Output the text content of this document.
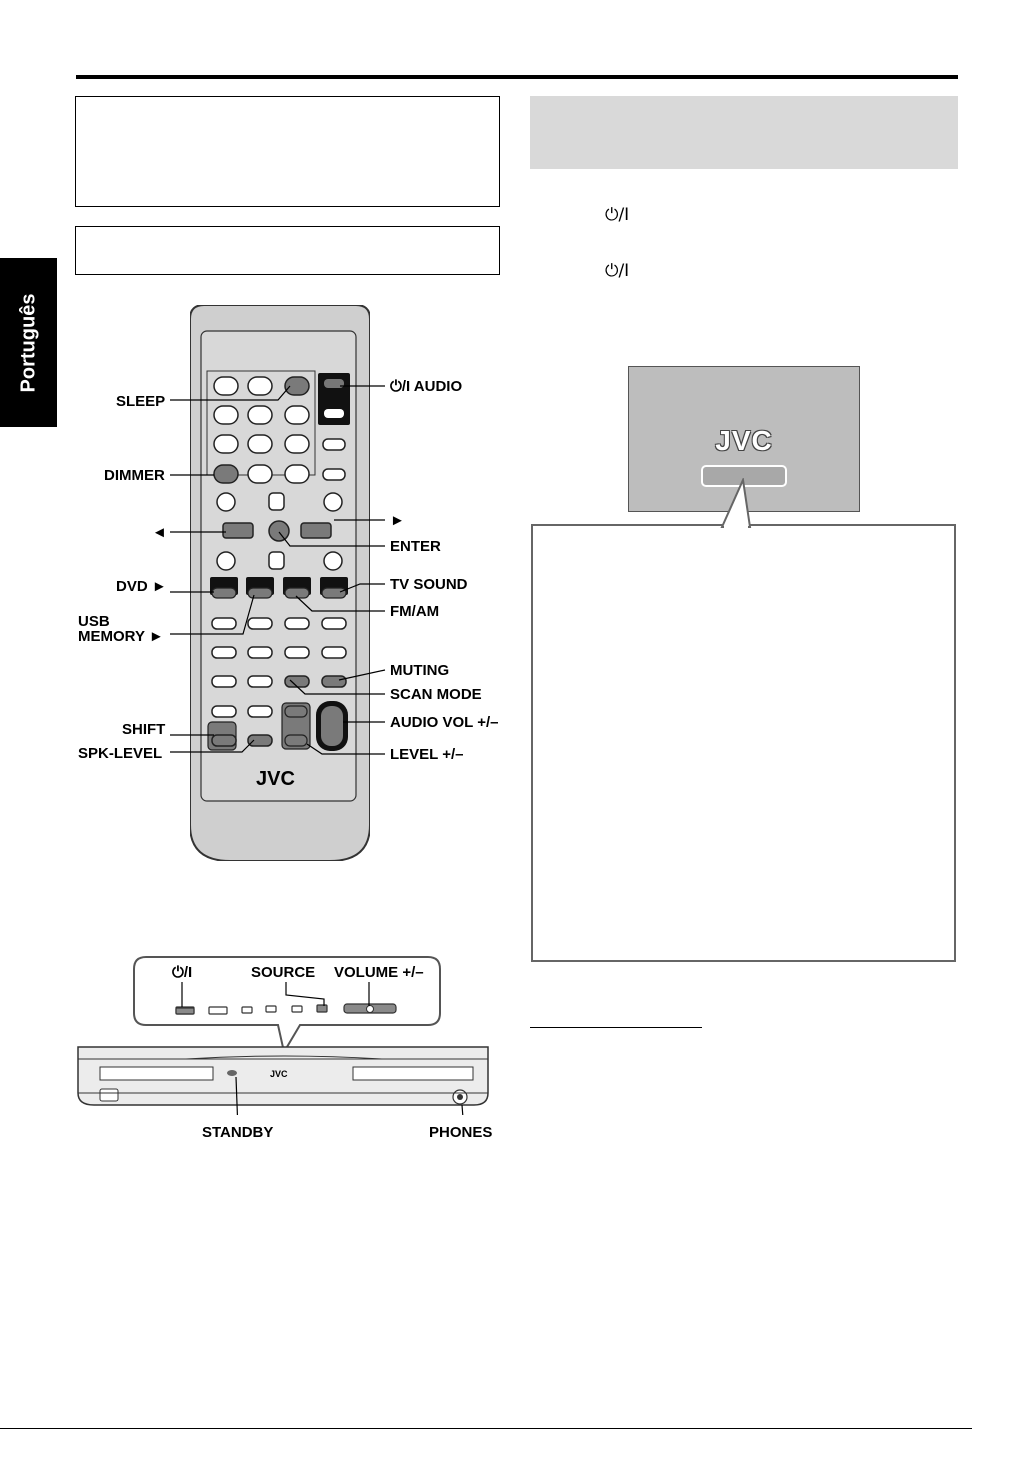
Português
⏻/I
⏻/I
JVC
JVC
SLEEP
DIMMER
◄
DVD ►
USB
MEMORY ►
SHIFT
SPK-LEVEL
⏻/I AUDIO
►
ENTER
TV SOUND
FM/AM
MUTING
SCAN MODE
AUDIO VOL +/–
LEVEL +/–
JVC
⏻/I	SOURCE VOLUME +/–
STANDBY	PHONES
